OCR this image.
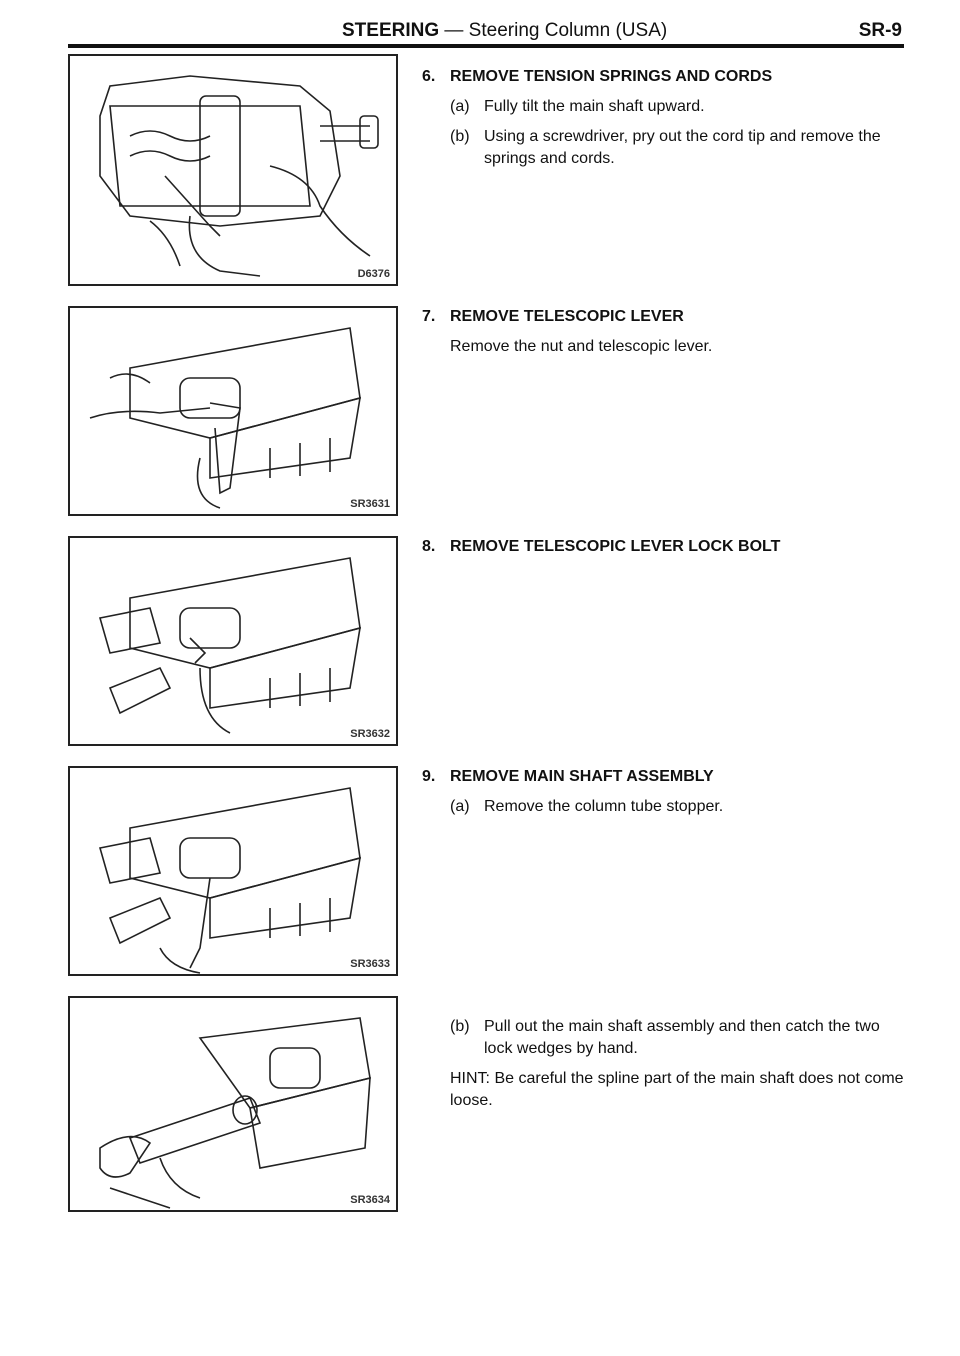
STEERING — Steering Column (USA)	SR-9
D6376
SR3631
SR3632
SR3633
SR3634
6. REMOVE TENSION SPRINGS AND CORDS
(a) Fully tilt the main shaft upward.
(b) Using a screwdriver, pry out the cord tip and remove the springs and cords.
7. REMOVE TELESCOPIC LEVER
Remove the nut and telescopic lever.
8. REMOVE TELESCOPIC LEVER LOCK BOLT
9. REMOVE MAIN SHAFT ASSEMBLY
(a) Remove the column tube stopper.
(b) Pull out the main shaft assembly and then catch the two lock wedges by hand.
HINT: Be careful the spline part of the main shaft does not come loose.
